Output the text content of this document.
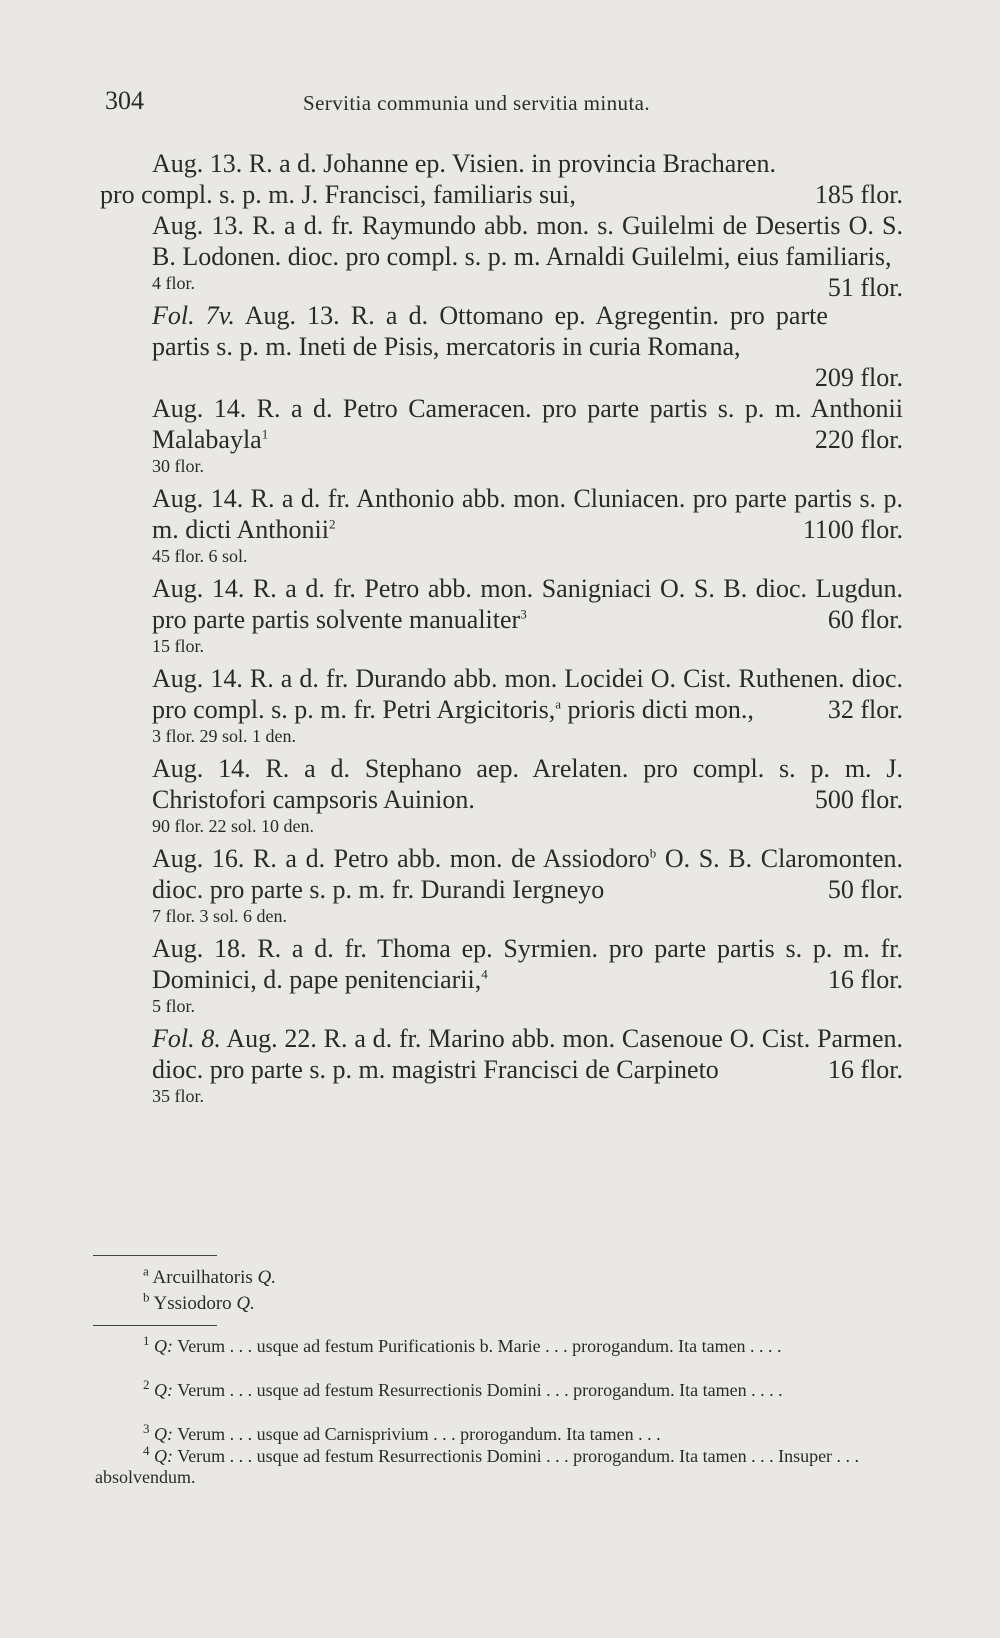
304	Servitia communia und servitia minuta.
Aug. 13. R. a d. Johanne ep. Visien. in provincia Bracharen.
pro compl. s. p. m. J. Francisci, familiaris sui,	185 flor.
Aug. 13. R. a d. fr. Raymundo abb. mon. s. Guilelmi de Desertis O. S. B. Lodonen. dioc. pro compl. s. p. m. Arnaldi Guilelmi, eius familiaris,
51 flor.
4 flor.
Fol. 7v. Aug. 13. R. a d. Ottomano ep. Agregentin. pro parte partis s. p. m. Ineti de Pisis, mercatoris in curia Romana,
209 flor.
Aug. 14. R. a d. Petro Cameracen. pro parte partis s. p. m. Anthonii Malabayla$^1$	220 flor.
30 flor.
Aug. 14. R. a d. fr. Anthonio abb. mon. Cluniacen. pro parte partis s. p. m. dicti Anthonii$^2$	1100 flor.
45 flor. 6 sol.
Aug. 14. R. a d. fr. Petro abb. mon. Sanigniaci O. S. B. dioc. Lugdun. pro parte partis solvente manualiter$^3$	60 flor.
15 flor.
Aug. 14. R. a d. fr. Durando abb. mon. Locidei O. Cist. Ruthenen. dioc. pro compl. s. p. m. fr. Petri Argicitoris,$^a$ prioris dicti mon.,	32 flor.
3 flor. 29 sol. 1 den.
Aug. 14. R. a d. Stephano aep. Arelaten. pro compl. s. p. m. J. Christofori campsoris Auinion.	500 flor.
90 flor. 22 sol. 10 den.
Aug. 16. R. a d. Petro abb. mon. de Assiodoro$^b$ O. S. B. Claromonten. dioc. pro parte s. p. m. fr. Durandi Iergneyo	50 flor.
7 flor. 3 sol. 6 den.
Aug. 18. R. a d. fr. Thoma ep. Syrmien. pro parte partis s. p. m. fr. Dominici, d. pape penitenciarii,$^4$	16 flor.
5 flor.
Fol. 8. Aug. 22. R. a d. fr. Marino abb. mon. Casenoue O. Cist. Parmen. dioc. pro parte s. p. m. magistri Francisci de Carpineto	16 flor.
35 flor.
$^a$ Arcuilhatoris Q.
$^b$ Yssiodoro Q.
$^1$ Q: Verum . . . usque ad festum Purificationis b. Marie . . . prorogandum. Ita tamen . . . .
$^2$ Q: Verum . . . usque ad festum Resurrectionis Domini . . . prorogandum. Ita tamen . . . .
$^3$ Q: Verum . . . usque ad Carnisprivium . . . prorogandum. Ita tamen . . .
$^4$ Q: Verum . . . usque ad festum Resurrectionis Domini . . . prorogandum. Ita tamen . . . Insuper . . . absolvendum.
